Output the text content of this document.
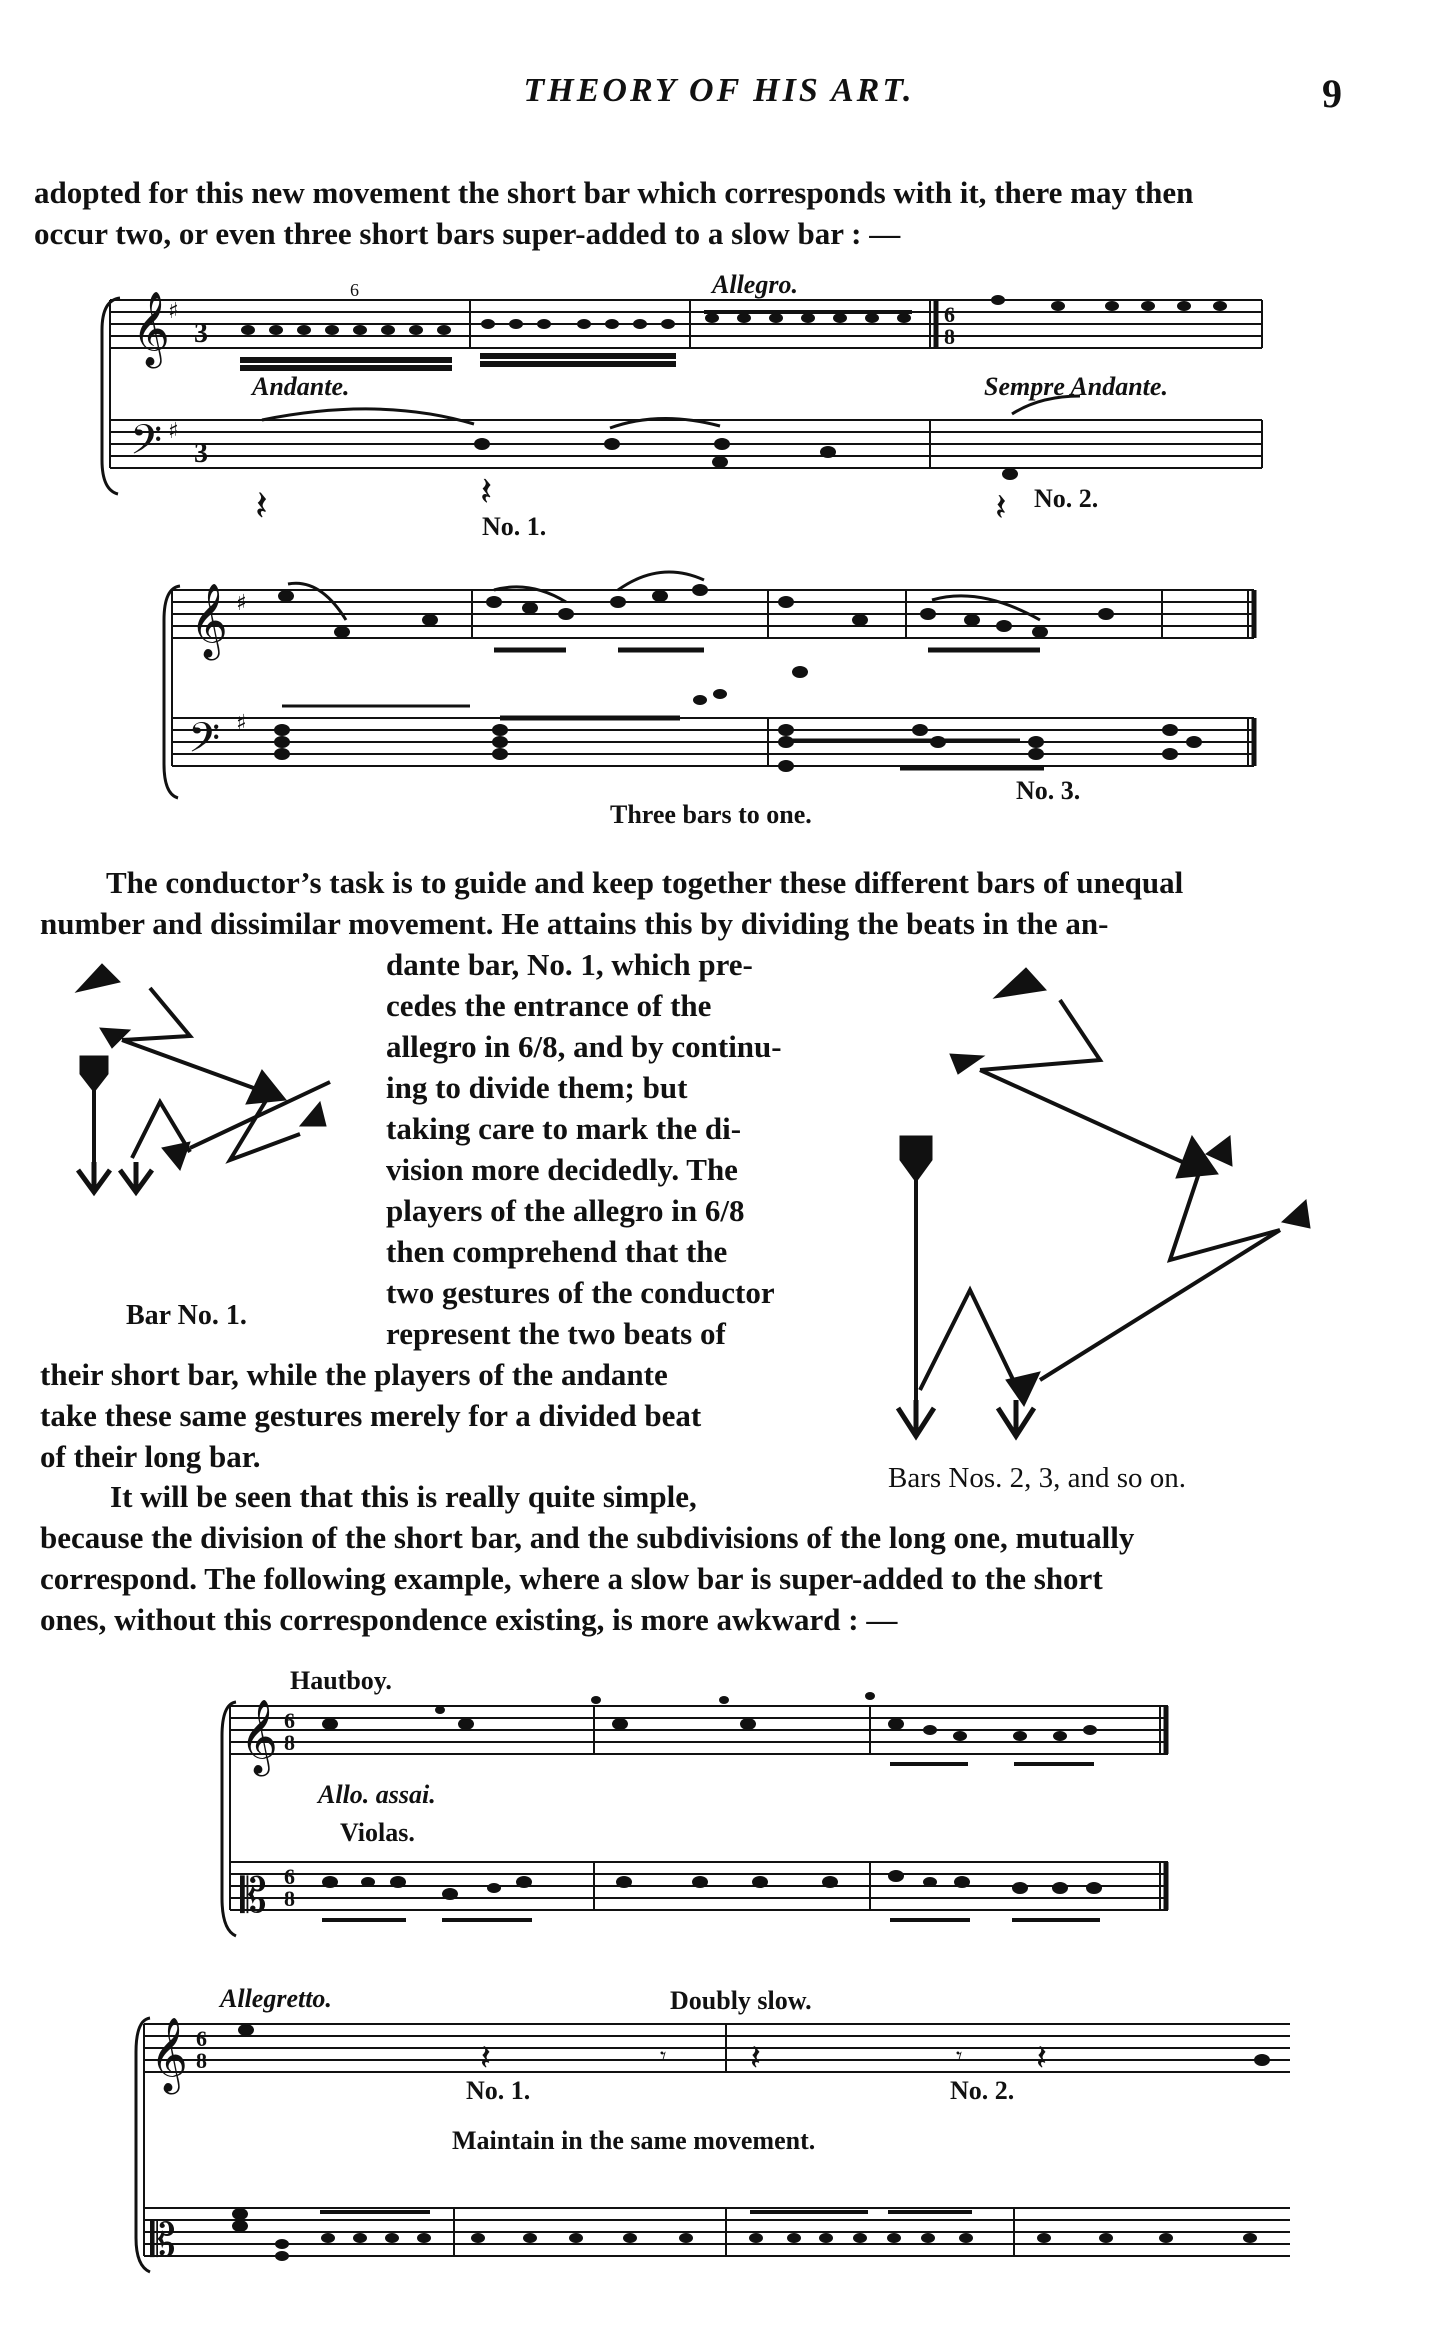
THEORY OF HIS ART.	9
adopted for this new movement the short bar which corresponds with it, there may then
occur two, or even three short bars super-added to a slow bar : —
𝄞
𝄢
♯
♯
3
3
6
8
6
𝄽	𝄽	𝄽
Allegro.
Andante.	Sempre Andante.
No. 1.
No. 2.
𝄞
𝄢
♯
♯
No. 3.
Three bars to one.
The conductor’s task is to guide and keep together these different bars of unequal
number and dissimilar movement. He attains this by dividing the beats in the an-
Bar No. 1.
dante bar, No. 1, which pre-
cedes the entrance of the
allegro in 6/8, and by continu-
ing to divide them; but
taking care to mark the di-
vision more decidedly. The
players of the allegro in 6/8
then comprehend that the
two gestures of the conductor
represent the two beats of
their short bar, while the players of the andante
take these same gestures merely for a divided beat
of their long bar.
Bars Nos. 2, 3, and so on.
It will be seen that this is really quite simple,
because the division of the short bar, and the subdivisions of the long one, mutually
correspond. The following example, where a slow bar is super-added to the short
ones, without this correspondence existing, is more awkward : —
𝄞
𝄡
6
8
6
8
Hautboy.
Allo. assai.
Violas.
𝄞
𝄡
6
8	𝄽	𝄾 𝄽	𝄾 𝄽
Allegretto.	Doubly slow.
No. 1.	No. 2.
Maintain in the same movement.
